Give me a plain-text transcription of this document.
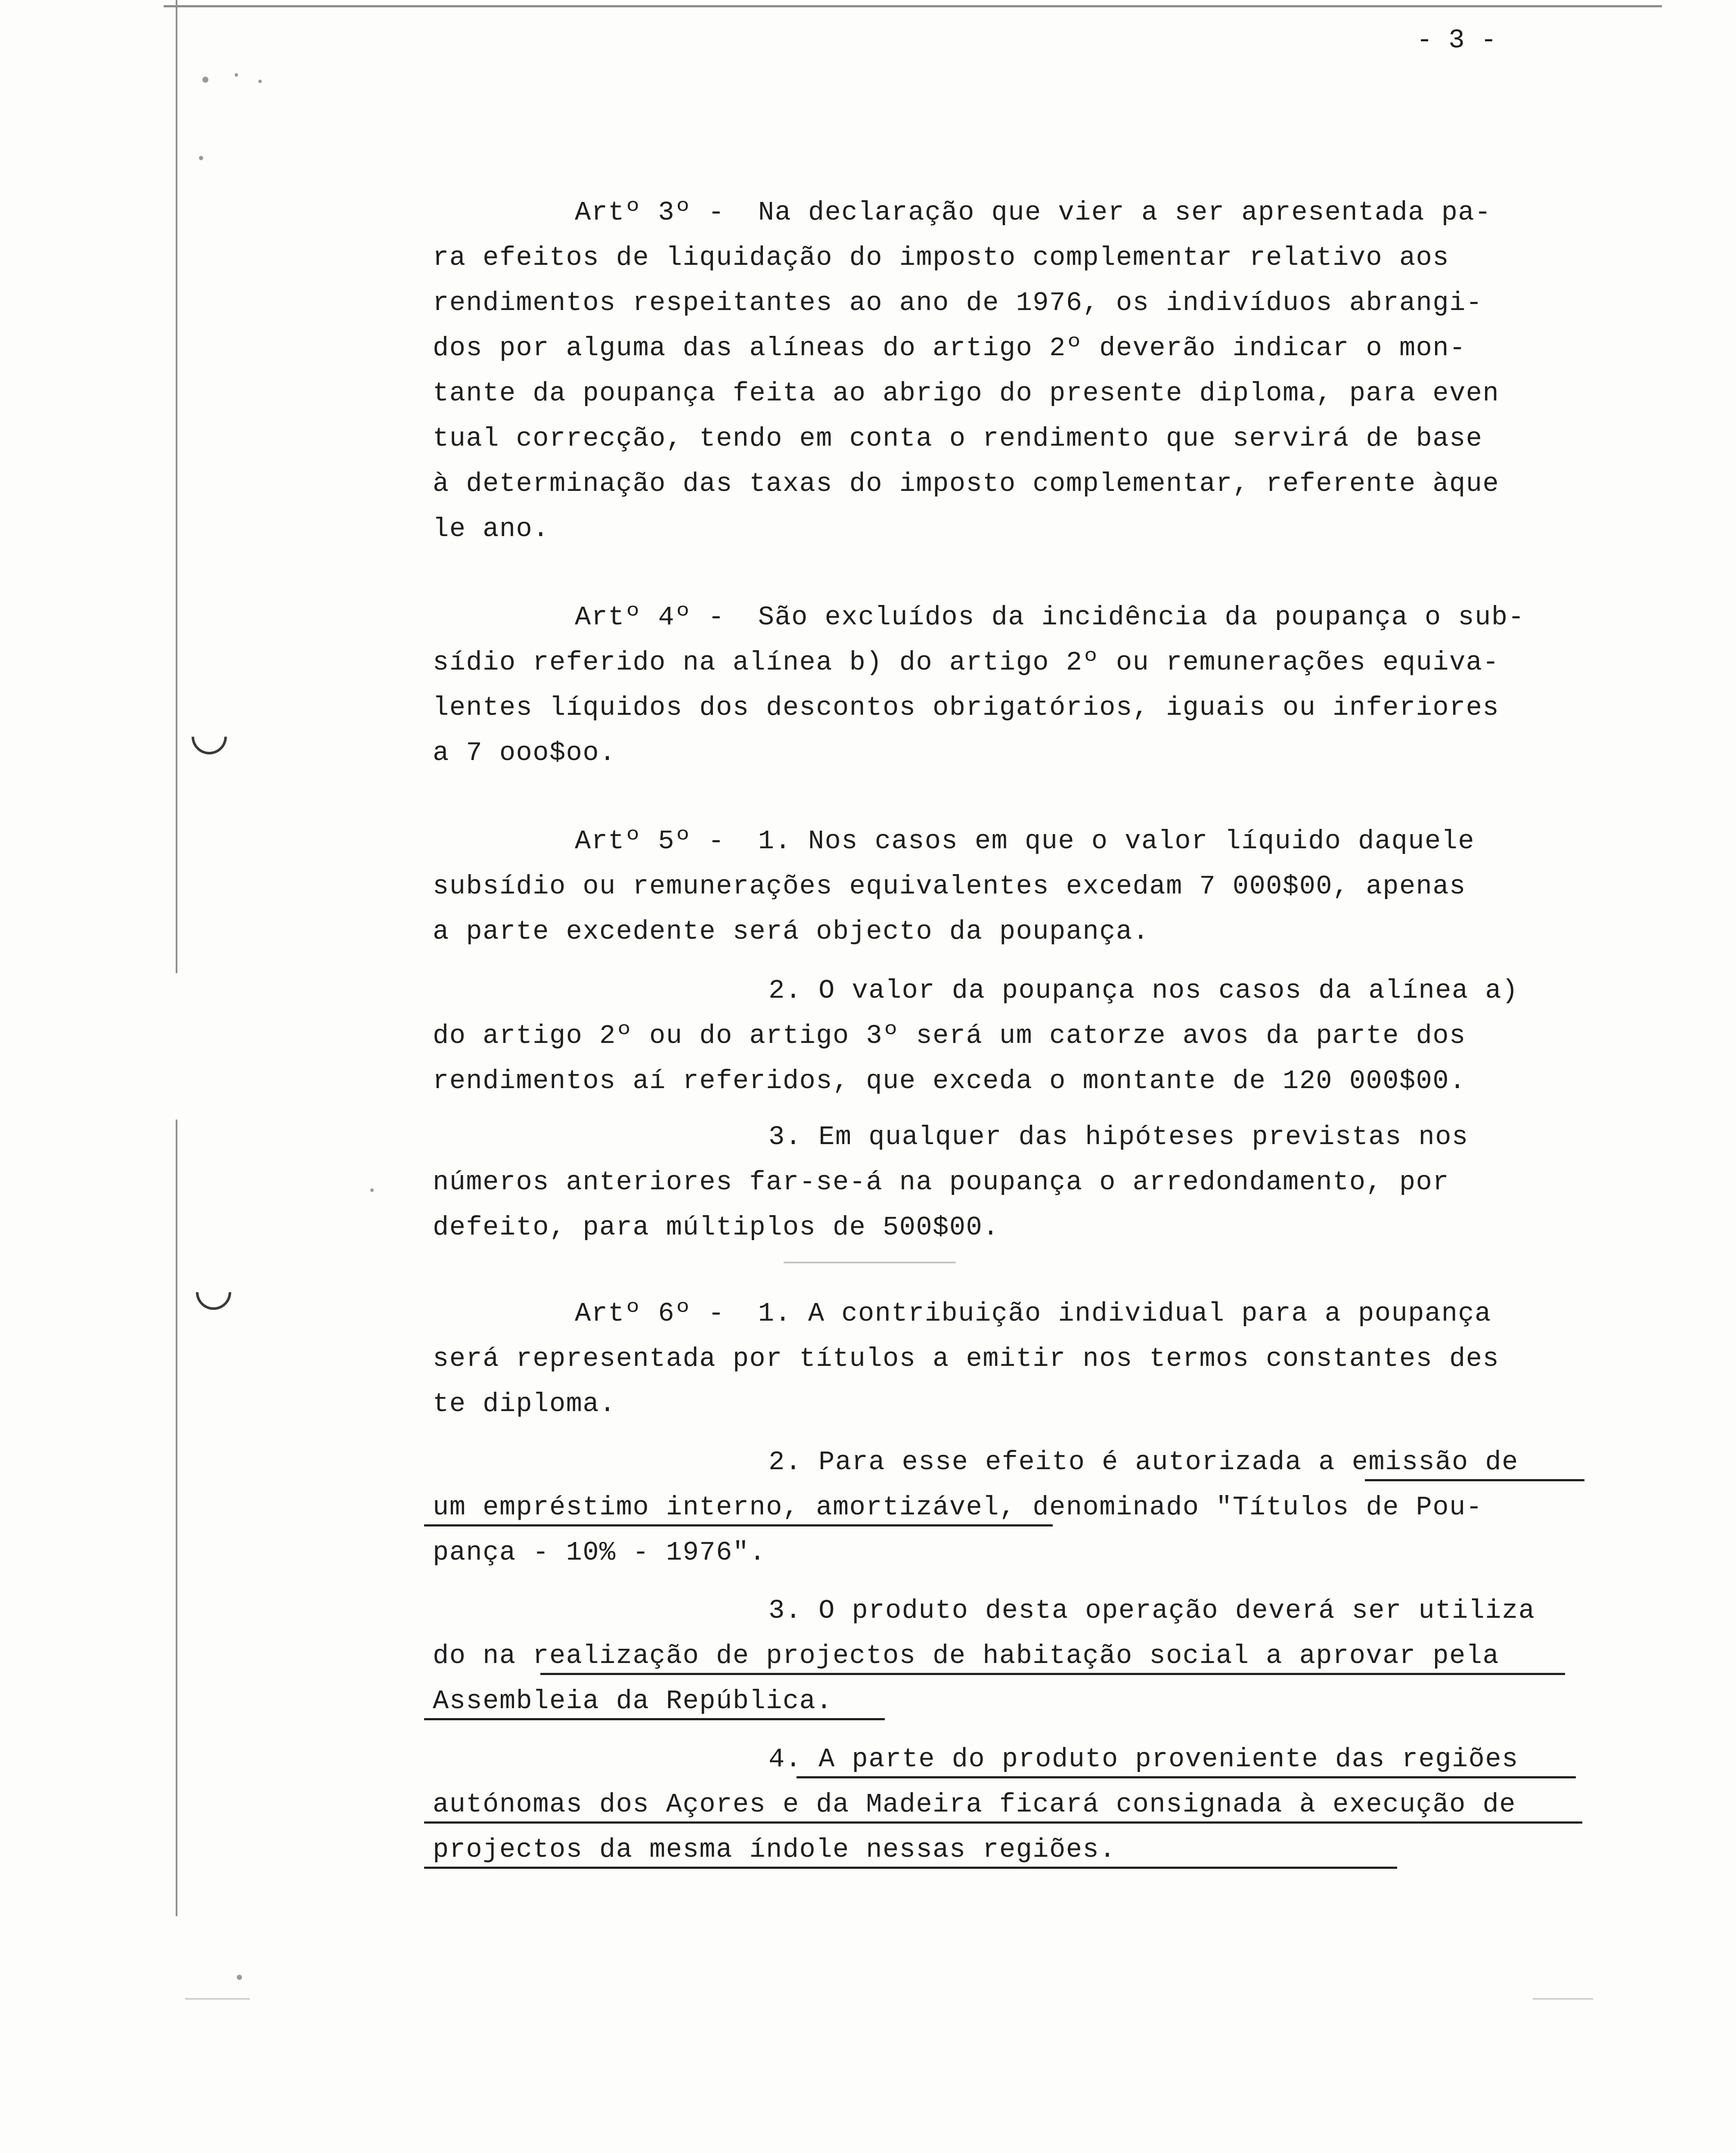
- 3 -
Artº 3º -  Na declaração que vier a ser apresentada pa-
ra efeitos de liquidação do imposto complementar relativo aos
rendimentos respeitantes ao ano de 1976, os indivíduos abrangi-
dos por alguma das alíneas do artigo 2º deverão indicar o mon-
tante da poupança feita ao abrigo do presente diploma, para even
tual correcção, tendo em conta o rendimento que servirá de base
à determinação das taxas do imposto complementar, referente àque
le ano.
Artº 4º -  São excluídos da incidência da poupança o sub-
sídio referido na alínea b) do artigo 2º ou remunerações equiva-
lentes líquidos dos descontos obrigatórios, iguais ou inferiores
a 7 ooo$oo.
Artº 5º -  1. Nos casos em que o valor líquido daquele
subsídio ou remunerações equivalentes excedam 7 000$00, apenas
a parte excedente será objecto da poupança.
2. O valor da poupança nos casos da alínea a)
do artigo 2º ou do artigo 3º será um catorze avos da parte dos
rendimentos aí referidos, que exceda o montante de 120 000$00.
3. Em qualquer das hipóteses previstas nos
números anteriores far-se-á na poupança o arredondamento, por
defeito, para múltiplos de 500$00.
Artº 6º -  1. A contribuição individual para a poupança
será representada por títulos a emitir nos termos constantes des
te diploma.
2. Para esse efeito é autorizada a emissão de
um empréstimo interno, amortizável, denominado "Títulos de Pou-
pança - 10% - 1976".
3. O produto desta operação deverá ser utiliza
do na realização de projectos de habitação social a aprovar pela
Assembleia da República.
4. A parte do produto proveniente das regiões
autónomas dos Açores e da Madeira ficará consignada à execução de
projectos da mesma índole nessas regiões.
